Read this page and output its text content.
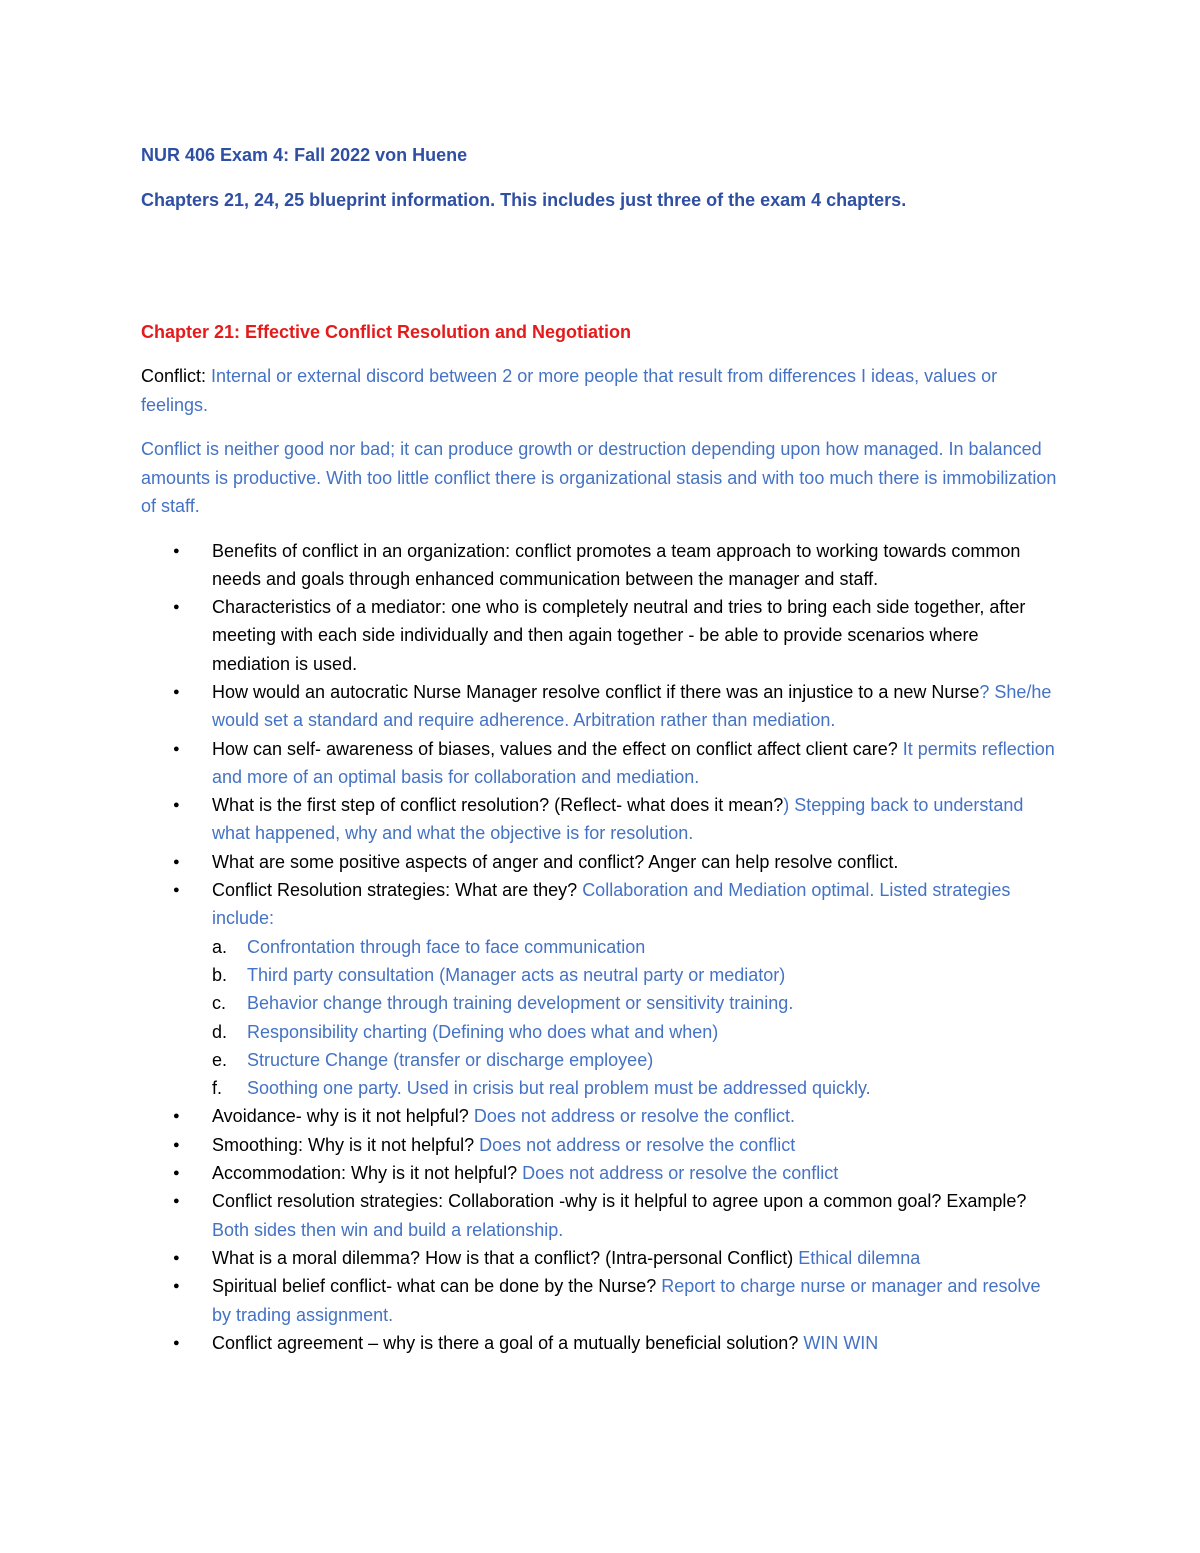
NUR 406 Exam 4: Fall 2022 von Huene

Chapters 21, 24, 25 blueprint information. This includes just three of the exam 4 chapters.

Chapter 21: Effective Conflict Resolution and Negotiation

Conflict: Internal or external discord between 2 or more people that result from differences I ideas, values or feelings.

Conflict is neither good nor bad; it can produce growth or destruction depending upon how managed. In balanced amounts is productive. With too little conflict there is organizational stasis and with too much there is immobilization of staff.

● Benefits of conflict in an organization: conflict promotes a team approach to working towards common needs and goals through enhanced communication between the manager and staff.
● Characteristics of a mediator: one who is completely neutral and tries to bring each side together, after meeting with each side individually and then again together - be able to provide scenarios where mediation is used.
● How would an autocratic Nurse Manager resolve conflict if there was an injustice to a new Nurse? She/he would set a standard and require adherence. Arbitration rather than mediation.
● How can self- awareness of biases, values and the effect on conflict affect client care? It permits reflection and more of an optimal basis for collaboration and mediation.
● What is the first step of conflict resolution? (Reflect- what does it mean?) Stepping back to understand what happened, why and what the objective is for resolution.
● What are some positive aspects of anger and conflict? Anger can help resolve conflict.
● Conflict Resolution strategies: What are they? Collaboration and Mediation optimal. Listed strategies include:
a. Confrontation through face to face communication
b. Third party consultation (Manager acts as neutral party or mediator)
c. Behavior change through training development or sensitivity training.
d. Responsibility charting (Defining who does what and when)
e. Structure Change (transfer or discharge employee)
f. Soothing one party. Used in crisis but real problem must be addressed quickly.
● Avoidance- why is it not helpful? Does not address or resolve the conflict.
● Smoothing: Why is it not helpful? Does not address or resolve the conflict
● Accommodation: Why is it not helpful? Does not address or resolve the conflict
● Conflict resolution strategies: Collaboration -why is it helpful to agree upon a common goal? Example? Both sides then win and build a relationship.
● What is a moral dilemma? How is that a conflict? (Intra-personal Conflict) Ethical dilemna
● Spiritual belief conflict- what can be done by the Nurse? Report to charge nurse or manager and resolve by trading assignment.
● Conflict agreement – why is there a goal of a mutually beneficial solution? WIN WIN
